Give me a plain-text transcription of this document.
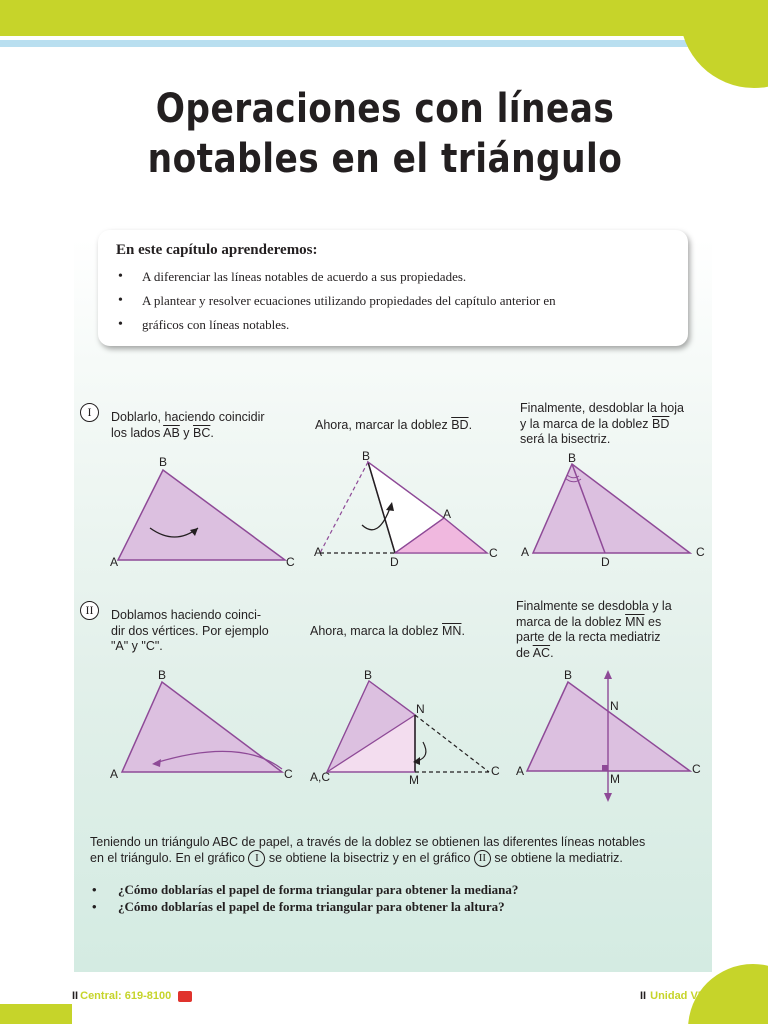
Operaciones con líneas
notables en el triángulo
En este capítulo aprenderemos:
• A diferenciar las líneas notables de acuerdo a sus propiedades.
• A plantear y resolver ecuaciones utilizando propiedades del capítulo anterior en
• gráficos con líneas notables.
I	Doblarlo, haciendo coincidir
los lados $\overline{AB}$ y $\overline{BC}$.
Ahora, marcar la doblez $\overline{BD}$.
Finalmente, desdoblar la hoja
y la marca de la doblez $\overline{BD}$
será la bisectriz.
B
A	C
B
A
A
D
C
B
A
D
C
II	Doblamos haciendo coinci-
dir dos vértices. Por ejemplo
"A" y "C".
Ahora, marca la doblez $\overline{MN}$.
Finalmente se desdobla y la
marca de la doblez $\overline{MN}$ es
parte de la recta mediatriz
de $\overline{AC}$.
B
A	C
B
N
A,C	M
C
B
N
A
M
C
Teniendo un triángulo ABC de papel, a través de la doblez se obtienen las diferentes líneas notables
en el triángulo. En el gráfico I se obtiene la bisectriz y en el gráfico II se obtiene la mediatriz.
• ¿Cómo doblarías el papel de forma triangular para obtener la mediana?
• ¿Cómo doblarías el papel de forma triangular para obtener la altura?
II Central: 619-8100	II Unidad VI
